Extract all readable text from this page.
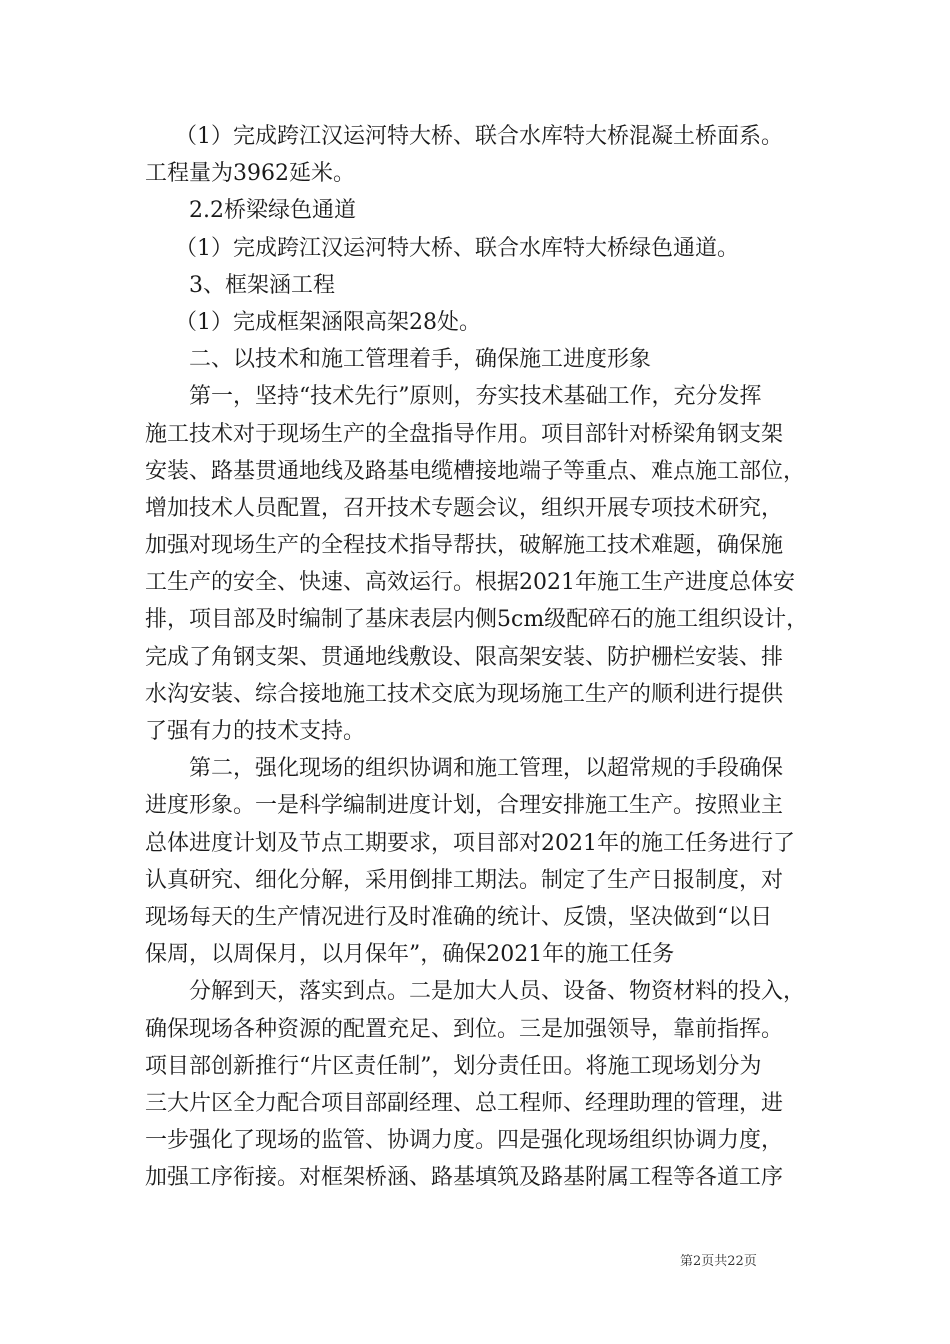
（1）完成跨江汉运河特大桥、联合水库特大桥混凝土桥面系。
工程量为3962延米。
2.2桥梁绿色通道
（1）完成跨江汉运河特大桥、联合水库特大桥绿色通道。
3、框架涵工程
（1）完成框架涵限高架28处。
二、以技术和施工管理着手，确保施工进度形象
第一，坚持“技术先行”原则，夯实技术基础工作，充分发挥
施工技术对于现场生产的全盘指导作用。项目部针对桥梁角钢支架
安装、路基贯通地线及路基电缆槽接地端子等重点、难点施工部位，
增加技术人员配置，召开技术专题会议，组织开展专项技术研究，
加强对现场生产的全程技术指导帮扶，破解施工技术难题，确保施
工生产的安全、快速、高效运行。根据2021年施工生产进度总体安
排，项目部及时编制了基床表层内侧5cm级配碎石的施工组织设计，
完成了角钢支架、贯通地线敷设、限高架安装、防护栅栏安装、排
水沟安装、综合接地施工技术交底为现场施工生产的顺利进行提供
了强有力的技术支持。
第二，强化现场的组织协调和施工管理，以超常规的手段确保
进度形象。一是科学编制进度计划，合理安排施工生产。按照业主
总体进度计划及节点工期要求，项目部对2021年的施工任务进行了
认真研究、细化分解，采用倒排工期法。制定了生产日报制度，对
现场每天的生产情况进行及时准确的统计、反馈，坚决做到“以日
保周，以周保月，以月保年”，确保2021年的施工任务
分解到天，落实到点。二是加大人员、设备、物资材料的投入，
确保现场各种资源的配置充足、到位。三是加强领导，靠前指挥。
项目部创新推行“片区责任制”，划分责任田。将施工现场划分为
三大片区全力配合项目部副经理、总工程师、经理助理的管理，进
一步强化了现场的监管、协调力度。四是强化现场组织协调力度，
加强工序衔接。对框架桥涵、路基填筑及路基附属工程等各道工序
第2页共22页
